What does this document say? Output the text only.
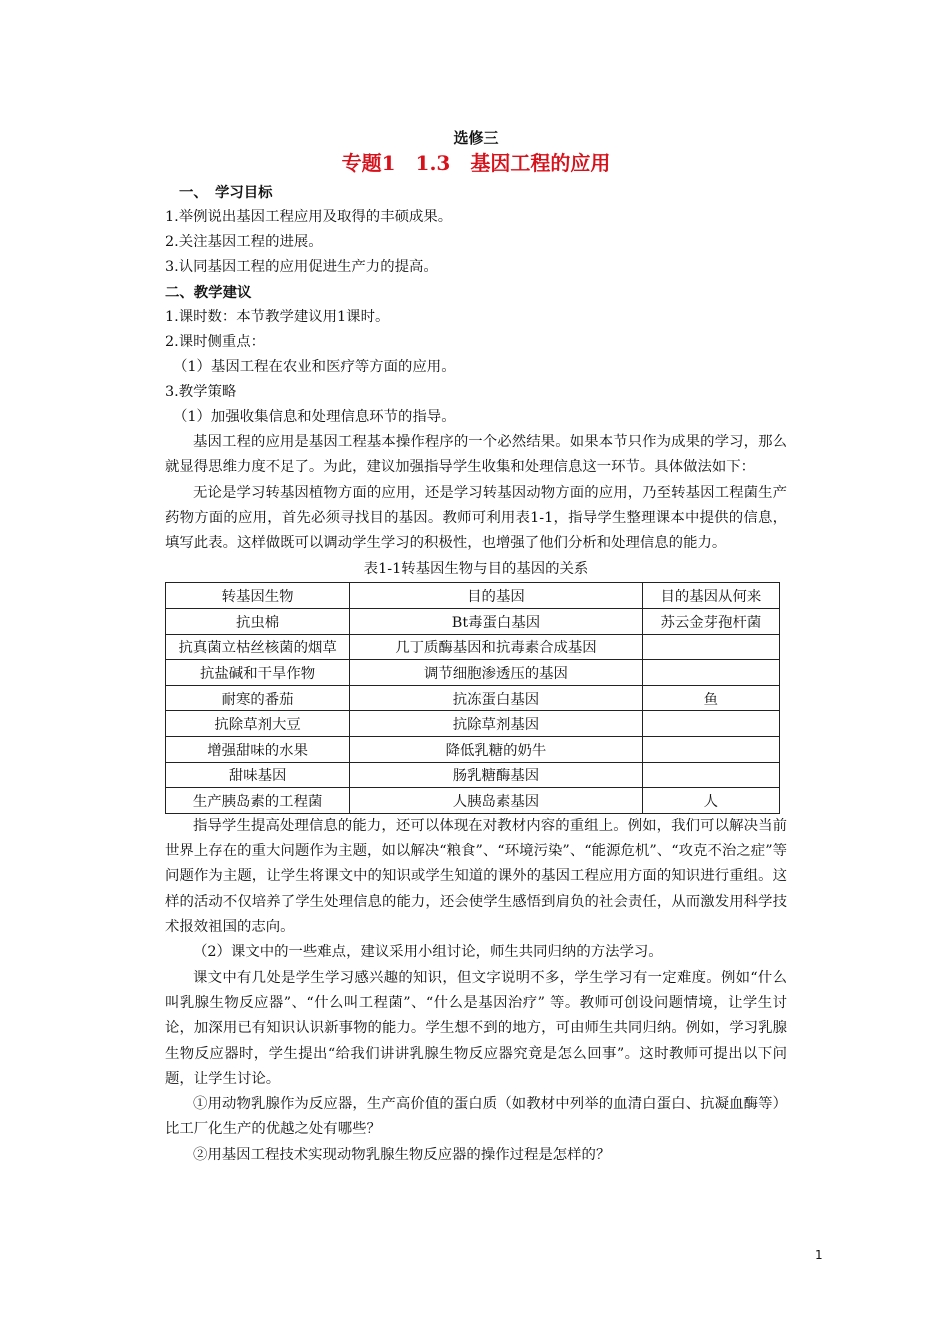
选修三

专题1　1.3　基因工程的应用

一、　学习目标

1.举例说出基因工程应用及取得的丰硕成果。

2.关注基因工程的进展。

3.认同基因工程的应用促进生产力的提高。

二、教学建议

1.课时数：本节教学建议用1课时。

2.课时侧重点：

（1）基因工程在农业和医疗等方面的应用。

3.教学策略

（1）加强收集信息和处理信息环节的指导。

基因工程的应用是基因工程基本操作程序的一个必然结果。如果本节只作为成果的学习，那么就显得思维力度不足了。为此，建议加强指导学生收集和处理信息这一环节。具体做法如下：

无论是学习转基因植物方面的应用，还是学习转基因动物方面的应用，乃至转基因工程菌生产药物方面的应用，首先必须寻找目的基因。教师可利用表1-1，指导学生整理课本中提供的信息，填写此表。这样做既可以调动学生学习的积极性，也增强了他们分析和处理信息的能力。

表1-1转基因生物与目的基因的关系

转基因生物	目的基因	目的基因从何来
抗虫棉	Bt毒蛋白基因	苏云金芽孢杆菌
抗真菌立枯丝核菌的烟草	几丁质酶基因和抗毒素合成基因	
抗盐碱和干旱作物	调节细胞渗透压的基因	
耐寒的番茄	抗冻蛋白基因	鱼
抗除草剂大豆	抗除草剂基因	
增强甜味的水果	降低乳糖的奶牛	
甜味基因	肠乳糖酶基因	
生产胰岛素的工程菌	人胰岛素基因	人

指导学生提高处理信息的能力，还可以体现在对教材内容的重组上。例如，我们可以解决当前世界上存在的重大问题作为主题，如以解决“粮食”、“环境污染”、“能源危机”、“攻克不治之症”等问题作为主题，让学生将课文中的知识或学生知道的课外的基因工程应用方面的知识进行重组。这样的活动不仅培养了学生处理信息的能力，还会使学生感悟到肩负的社会责任，从而激发用科学技术报效祖国的志向。

（2）课文中的一些难点，建议采用小组讨论，师生共同归纳的方法学习。

课文中有几处是学生学习感兴趣的知识，但文字说明不多，学生学习有一定难度。例如“什么叫乳腺生物反应器”、“什么叫工程菌”、“什么是基因治疗” 等。教师可创设问题情境，让学生讨论，加深用已有知识认识新事物的能力。学生想不到的地方，可由师生共同归纳。例如，学习乳腺生物反应器时，学生提出“给我们讲讲乳腺生物反应器究竟是怎么回事”。这时教师可提出以下问题，让学生讨论。

①用动物乳腺作为反应器，生产高价值的蛋白质（如教材中列举的血清白蛋白、抗凝血酶等）比工厂化生产的优越之处有哪些？

②用基因工程技术实现动物乳腺生物反应器的操作过程是怎样的？

1
